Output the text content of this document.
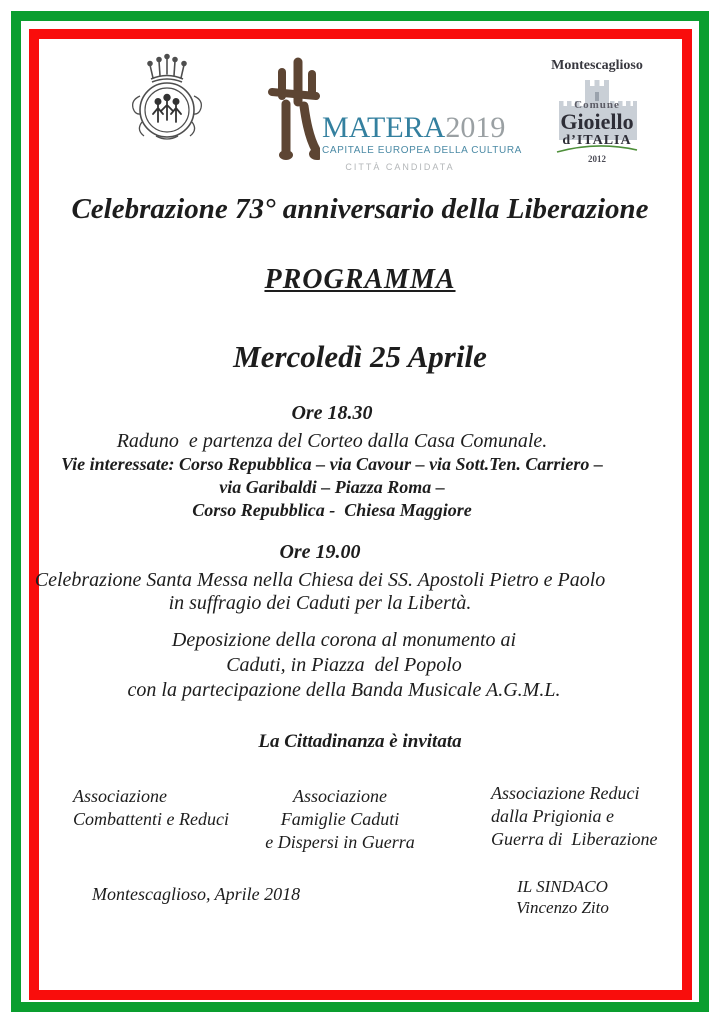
MATERA2019
CAPITALE EUROPEA DELLA CULTURA
CITTÀ CANDIDATA
Montescaglioso
Comune
Gioiello
d’ITALIA
2012
Celebrazione 73° anniversario della Liberazione
PROGRAMMA
Mercoledì 25 Aprile
Ore 18.30
Raduno  e partenza del Corteo dalla Casa Comunale.
Vie interessate: Corso Repubblica – via Cavour – via Sott.Ten. Carriero –
via Garibaldi – Piazza Roma –
Corso Repubblica -  Chiesa Maggiore
Ore 19.00
Celebrazione Santa Messa nella Chiesa dei SS. Apostoli Pietro e Paolo
in suffragio dei Caduti per la Libertà.
Deposizione della corona al monumento ai
Caduti, in Piazza  del Popolo
con la partecipazione della Banda Musicale A.G.M.L.
La Cittadinanza è invitata
Associazione
Combattenti e Reduci
Associazione
Famiglie Caduti
e Dispersi in Guerra
Associazione Reduci
dalla Prigionia e
Guerra di  Liberazione
Montescaglioso, Aprile 2018	IL SINDACO
Vincenzo Zito
